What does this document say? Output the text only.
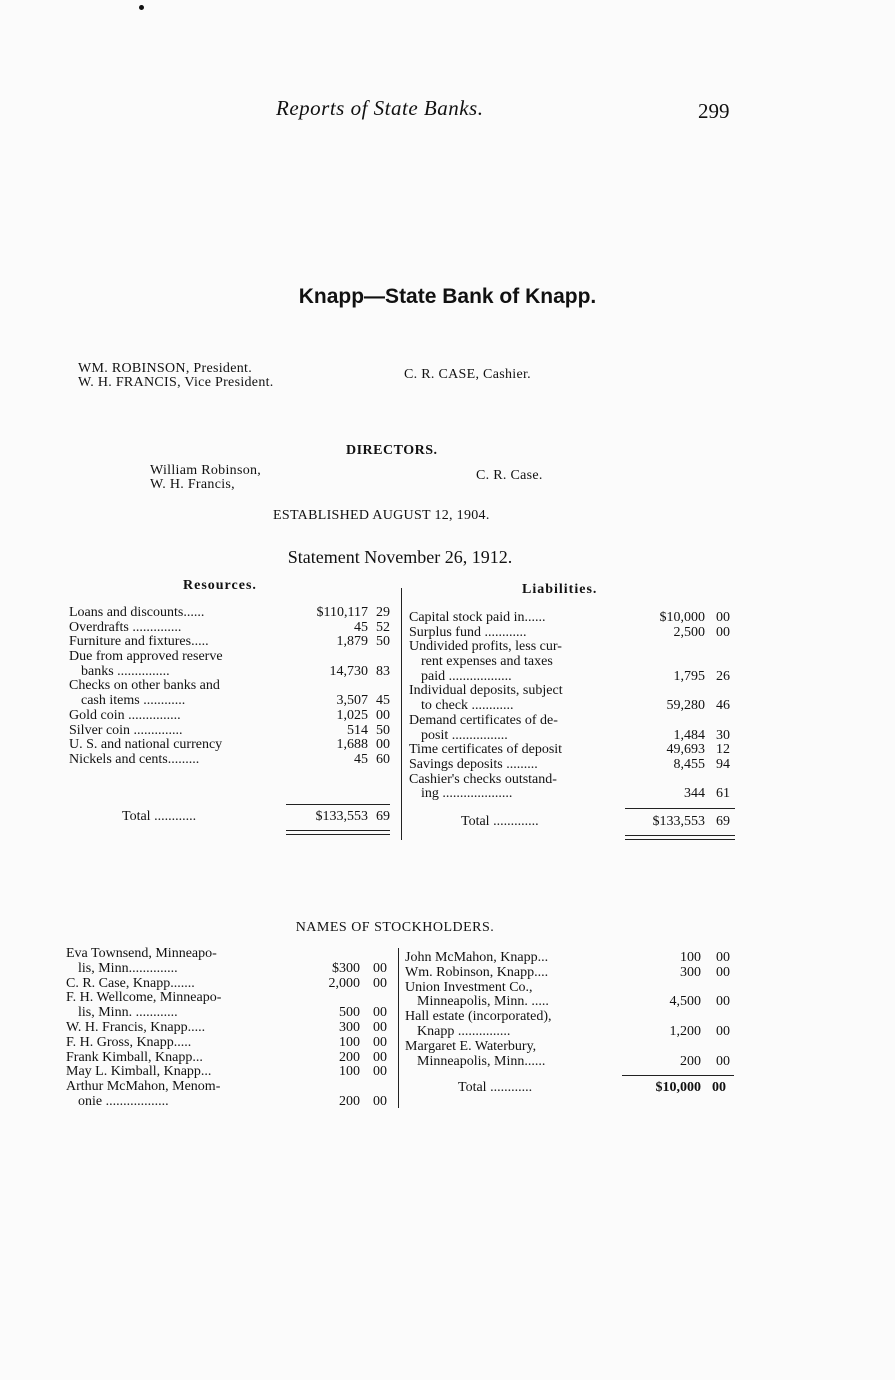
Reports of State Banks.	299
Knapp—State Bank of Knapp.
WM. ROBINSON, President.
W. H. FRANCIS, Vice President.
C. R. CASE, Cashier.
DIRECTORS.
William Robinson,
W. H. Francis,
C. R. Case.
ESTABLISHED AUGUST 12, 1904.
Statement November 26, 1912.
Resources.	Liabilities.
Loans and discounts......	$110,117 29
Overdrafts ..............	45 52
Furniture and fixtures.....	1,879 50
Due from approved reserve
banks ...............	14,730 83
Checks on other banks and
cash items ............	3,507 45
Gold coin ...............	1,025 00
Silver coin ..............	514 50
U. S. and national currency	1,688 00
Nickels and cents.........	45 60
Capital stock paid in......	$10,000 00
Surplus fund ............	2,500 00
Undivided profits, less cur-
rent expenses and taxes
paid ..................	1,795 26
Individual deposits, subject
to check ............	59,280 46
Demand certificates of de-
posit ................	1,484 30
Time certificates of deposit	49,693 12
Savings deposits .........	8,455 94
Cashier's checks outstand-
ing ....................	344 61
Total ............	$133,553 69	Total .............	$133,553 69
NAMES OF STOCKHOLDERS.
Eva Townsend, Minneapo-
lis, Minn..............	$300 00
C. R. Case, Knapp.......	2,000 00
F. H. Wellcome, Minneapo-
lis, Minn. ............	500 00
W. H. Francis, Knapp.....	300 00
F. H. Gross, Knapp.....	100 00
Frank Kimball, Knapp...	200 00
May L. Kimball, Knapp...	100 00
Arthur McMahon, Menom-
onie ..................	200 00
John McMahon, Knapp...	100 00
Wm. Robinson, Knapp....	300 00
Union Investment Co.,
Minneapolis, Minn. .....	4,500 00
Hall estate (incorporated),
Knapp ...............	1,200 00
Margaret E. Waterbury,
Minneapolis, Minn......	200 00
Total ............	$10,000 00
